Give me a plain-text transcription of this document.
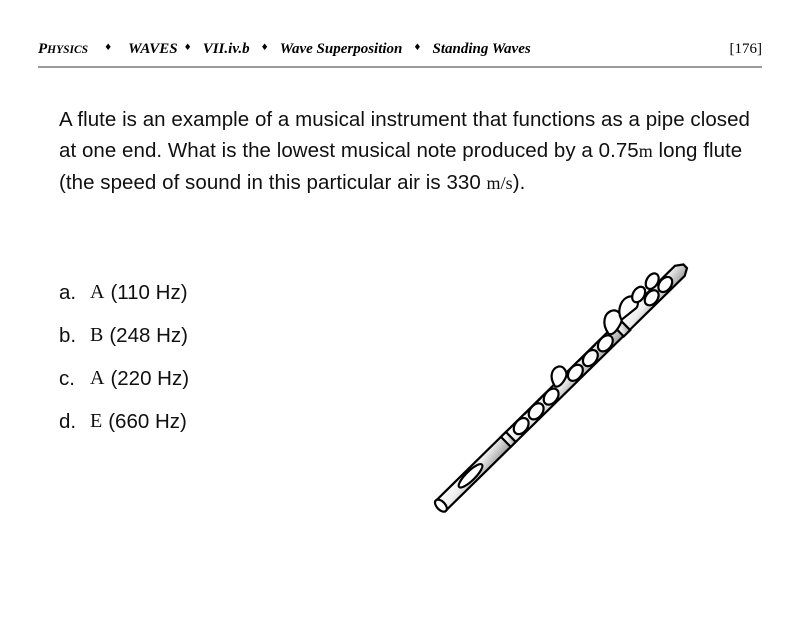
PHYSICS ♦ WAVES ♦ VII.iv.b ♦ Wave Superposition ♦ Standing Waves	[176]
A flute is an example of a musical instrument that functions as a pipe closed at one end. What is the lowest musical note produced by a 0.75m long flute (the speed of sound in this particular air is 330 m/s).
a. A (110 Hz)
b. B (248 Hz)
c. A (220 Hz)
d. E (660 Hz)
